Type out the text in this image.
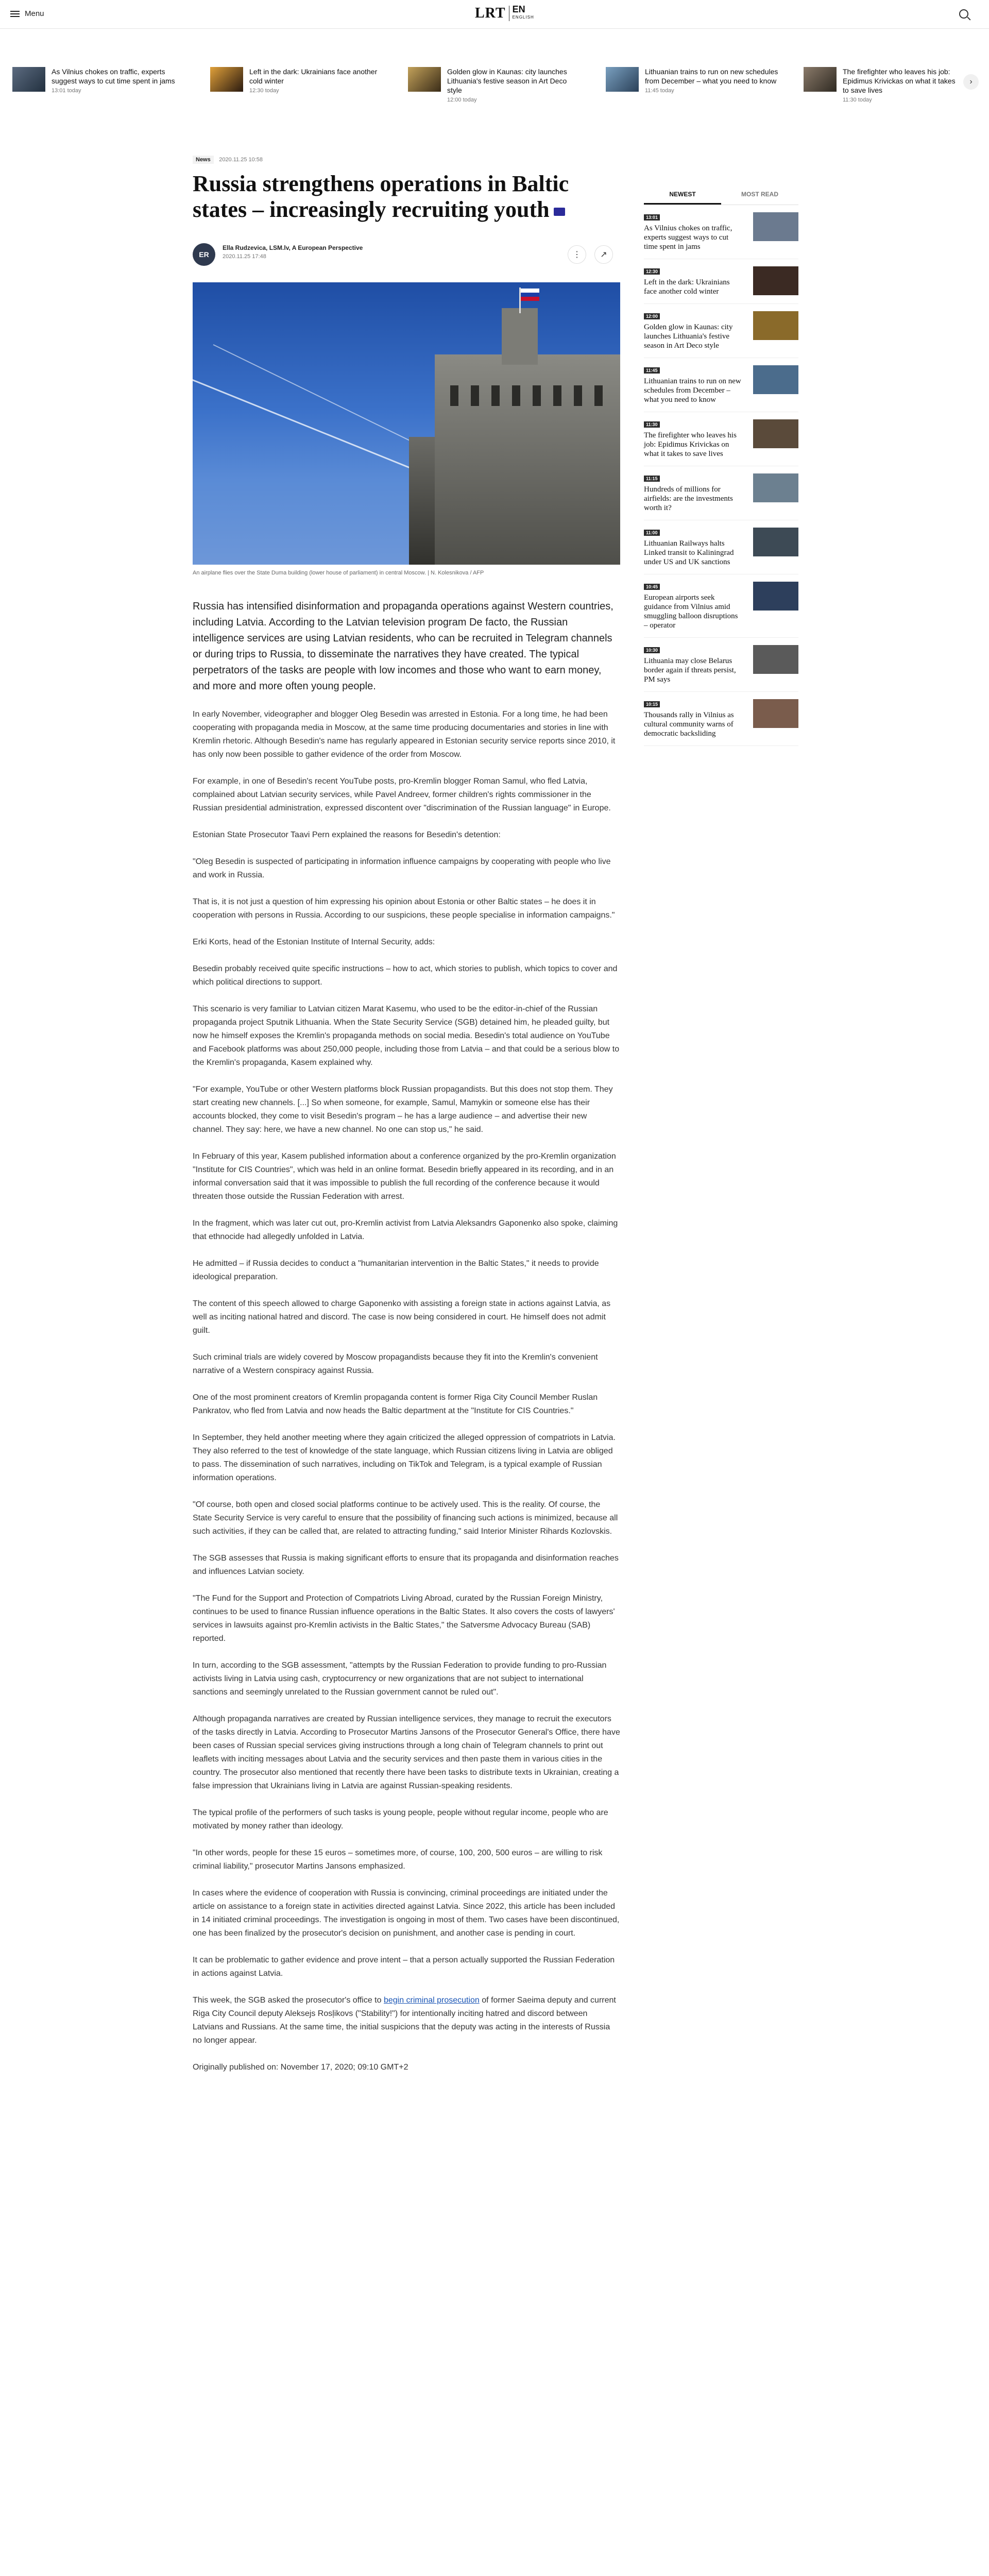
Menu	LRT EN
ENGLISH
As Vilnius chokes on traffic, experts suggest ways to cut time spent in jams
13:01 today
Left in the dark: Ukrainians face another cold winter
12:30 today
Golden glow in Kaunas: city launches Lithuania's festive season in Art Deco style
12:00 today
Lithuanian trains to run on new schedules from December – what you need to know
11:45 today
The firefighter who leaves his job: Epidimus Krivickas on what it takes to save lives
11:30 today
›
News 2020.11.25 10:58
Russia strengthens operations in Baltic states – increasingly recruiting youth
ER
Ella Rudzevica, LSM.lv, A European Perspective
2020.11.25 17:48	⋮	↗
An airplane flies over the State Duma building (lower house of parliament) in central Moscow. | N. Kolesnikova / AFP

Russia has intensified disinformation and propaganda operations against Western countries, including Latvia. According to the Latvian television program De facto, the Russian intelligence services are using Latvian residents, who can be recruited in Telegram channels or during trips to Russia, to disseminate the narratives they have created. The typical perpetrators of the tasks are people with low incomes and those who want to earn money, and more and more often young people.

In early November, videographer and blogger Oleg Besedin was arrested in Estonia. For a long time, he had been cooperating with propaganda media in Moscow, at the same time producing documentaries and stories in line with Kremlin rhetoric. Although Besedin's name has regularly appeared in Estonian security service reports since 2010, it has only now been possible to gather evidence of the order from Moscow.

For example, in one of Besedin's recent YouTube posts, pro-Kremlin blogger Roman Samul, who fled Latvia, complained about Latvian security services, while Pavel Andreev, former children's rights commissioner in the Russian presidential administration, expressed discontent over "discrimination of the Russian language" in Europe.

Estonian State Prosecutor Taavi Pern explained the reasons for Besedin's detention:

"Oleg Besedin is suspected of participating in information influence campaigns by cooperating with people who live and work in Russia.

That is, it is not just a question of him expressing his opinion about Estonia or other Baltic states – he does it in cooperation with persons in Russia. According to our suspicions, these people specialise in information campaigns."

Erki Korts, head of the Estonian Institute of Internal Security, adds:

Besedin probably received quite specific instructions – how to act, which stories to publish, which topics to cover and which political directions to support.

This scenario is very familiar to Latvian citizen Marat Kasemu, who used to be the editor-in-chief of the Russian propaganda project Sputnik Lithuania. When the State Security Service (SGB) detained him, he pleaded guilty, but now he himself exposes the Kremlin's propaganda methods on social media. Besedin's total audience on YouTube and Facebook platforms was about 250,000 people, including those from Latvia – and that could be a serious blow to the Kremlin's propaganda, Kasem explained why.

"For example, YouTube or other Western platforms block Russian propagandists. But this does not stop them. They start creating new channels. [...] So when someone, for example, Samul, Mamykin or someone else has their accounts blocked, they come to visit Besedin's program – he has a large audience – and advertise their new channel. They say: here, we have a new channel. No one can stop us," he said.

In February of this year, Kasem published information about a conference organized by the pro-Kremlin organization "Institute for CIS Countries", which was held in an online format. Besedin briefly appeared in its recording, and in an informal conversation said that it was impossible to publish the full recording of the conference because it would threaten those outside the Russian Federation with arrest.

In the fragment, which was later cut out, pro-Kremlin activist from Latvia Aleksandrs Gaponenko also spoke, claiming that ethnocide had allegedly unfolded in Latvia.

He admitted – if Russia decides to conduct a "humanitarian intervention in the Baltic States," it needs to provide ideological preparation.

The content of this speech allowed to charge Gaponenko with assisting a foreign state in actions against Latvia, as well as inciting national hatred and discord. The case is now being considered in court. He himself does not admit guilt.

Such criminal trials are widely covered by Moscow propagandists because they fit into the Kremlin's convenient narrative of a Western conspiracy against Russia.

One of the most prominent creators of Kremlin propaganda content is former Riga City Council Member Ruslan Pankratov, who fled from Latvia and now heads the Baltic department at the "Institute for CIS Countries."

In September, they held another meeting where they again criticized the alleged oppression of compatriots in Latvia. They also referred to the test of knowledge of the state language, which Russian citizens living in Latvia are obliged to pass. The dissemination of such narratives, including on TikTok and Telegram, is a typical example of Russian information operations.

"Of course, both open and closed social platforms continue to be actively used. This is the reality. Of course, the State Security Service is very careful to ensure that the possibility of financing such actions is minimized, because all such activities, if they can be called that, are related to attracting funding," said Interior Minister Rihards Kozlovskis.

The SGB assesses that Russia is making significant efforts to ensure that its propaganda and disinformation reaches and influences Latvian society.

"The Fund for the Support and Protection of Compatriots Living Abroad, curated by the Russian Foreign Ministry, continues to be used to finance Russian influence operations in the Baltic States. It also covers the costs of lawyers' services in lawsuits against pro-Kremlin activists in the Baltic States," the Satversme Advocacy Bureau (SAB) reported.

In turn, according to the SGB assessment, "attempts by the Russian Federation to provide funding to pro-Russian activists living in Latvia using cash, cryptocurrency or new organizations that are not subject to international sanctions and seemingly unrelated to the Russian government cannot be ruled out".

Although propaganda narratives are created by Russian intelligence services, they manage to recruit the executors of the tasks directly in Latvia. According to Prosecutor Martins Jansons of the Prosecutor General's Office, there have been cases of Russian special services giving instructions through a long chain of Telegram channels to print out leaflets with inciting messages about Latvia and the security services and then paste them in various cities in the country. The prosecutor also mentioned that recently there have been tasks to distribute texts in Ukrainian, creating a false impression that Ukrainians living in Latvia are against Russian-speaking residents.

The typical profile of the performers of such tasks is young people, people without regular income, people who are motivated by money rather than ideology.

"In other words, people for these 15 euros – sometimes more, of course, 100, 200, 500 euros – are willing to risk criminal liability," prosecutor Martins Jansons emphasized.

In cases where the evidence of cooperation with Russia is convincing, criminal proceedings are initiated under the article on assistance to a foreign state in activities directed against Latvia. Since 2022, this article has been included in 14 initiated criminal proceedings. The investigation is ongoing in most of them. Two cases have been discontinued, one has been finalized by the prosecutor's decision on punishment, and another case is pending in court.

It can be problematic to gather evidence and prove intent – that a person actually supported the Russian Federation in actions against Latvia.

This week, the SGB asked the prosecutor's office to begin criminal prosecution of former Saeima deputy and current Riga City Council deputy Aleksejs Rosļikovs ("Stability!") for intentionally inciting hatred and discord between Latvians and Russians. At the same time, the initial suspicions that the deputy was acting in the interests of Russia no longer appear.

Originally published on: November 17, 2020; 09:10 GMT+2

NEWEST	MOST READ
13:01
As Vilnius chokes on traffic, experts suggest ways to cut time spent in jams
12:30
Left in the dark: Ukrainians face another cold winter
12:00
Golden glow in Kaunas: city launches Lithuania's festive season in Art Deco style
11:45
Lithuanian trains to run on new schedules from December – what you need to know
11:30
The firefighter who leaves his job: Epidimus Krivickas on what it takes to save lives
11:15
Hundreds of millions for airfields: are the investments worth it?
11:00
Lithuanian Railways halts Linked transit to Kaliningrad under US and UK sanctions
10:45
European airports seek guidance from Vilnius amid smuggling balloon disruptions – operator
10:30
Lithuania may close Belarus border again if threats persist, PM says
10:15
Thousands rally in Vilnius as cultural community warns of democratic backsliding
